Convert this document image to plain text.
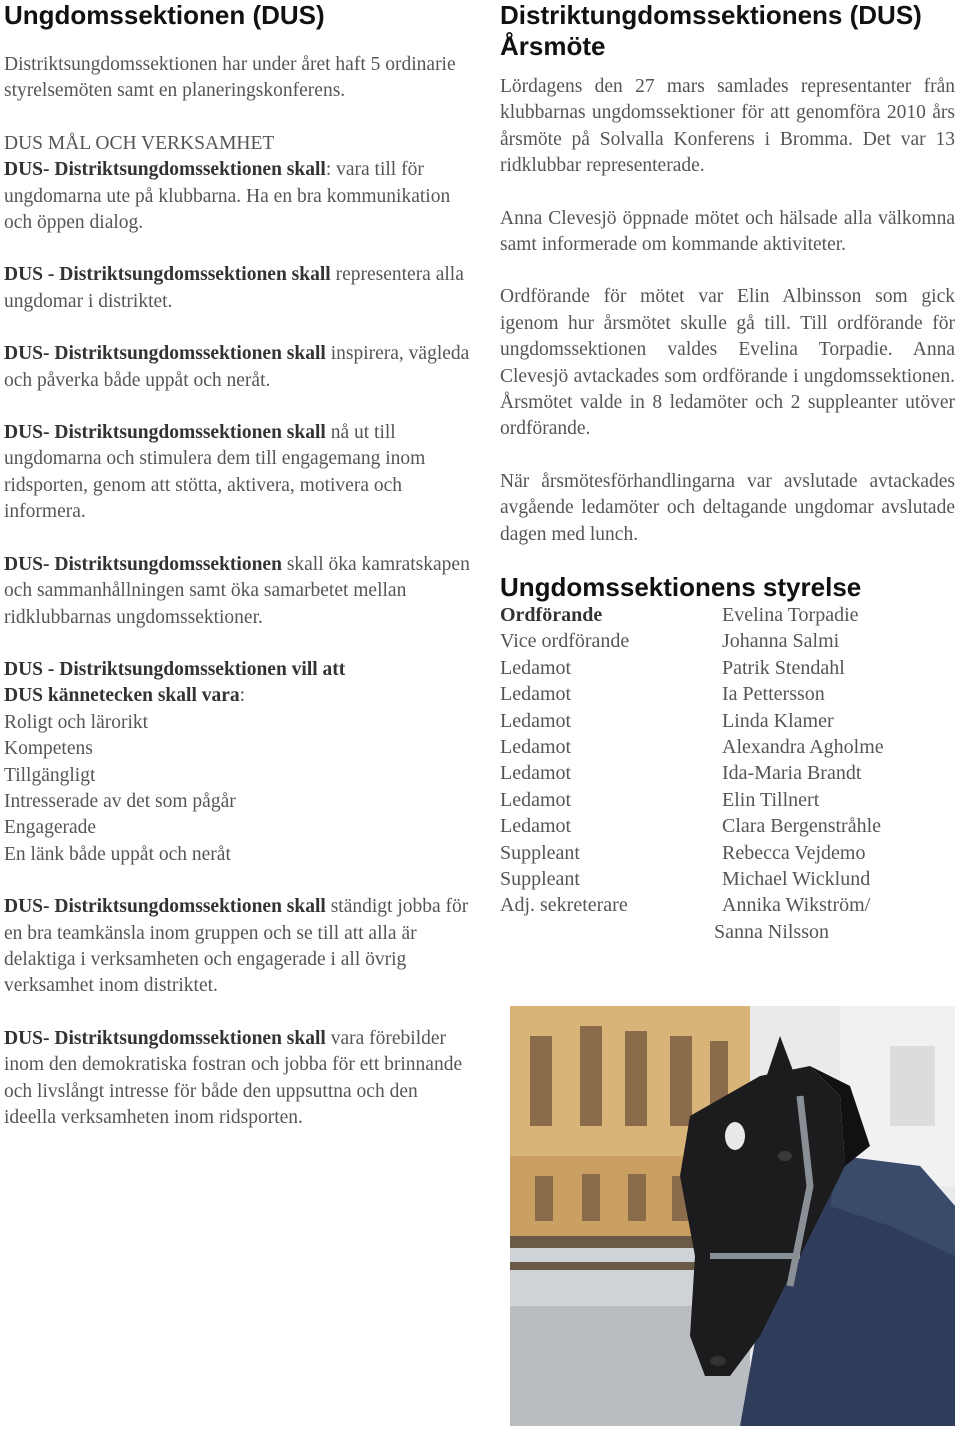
Ungdomssektionen (DUS)

Distriktsungdomssektionen har under året haft 5 ordinarie styrelsemöten samt en planeringskonferens.

DUS MÅL OCH VERKSAMHET
DUS- Distriktsungdomssektionen skall: vara till för ungdomarna ute på klubbarna. Ha en bra kommunikation och öppen dialog.

DUS - Distriktsungdomssektionen skall representera alla ungdomar i distriktet.

DUS- Distriktsungdomssektionen skall inspirera, vägleda och påverka både uppåt och neråt.

DUS- Distriktsungdomssektionen skall nå ut till ungdomarna och stimulera dem till engagemang inom ridsporten, genom att stötta, aktivera, motivera och informera.

DUS- Distriktsungdomssektionen skall öka kamratskapen och sammanhållningen samt öka samarbetet mellan ridklubbarnas ungdomssektioner.

DUS - Distriktsungdomssektionen vill att
DUS kännetecken skall vara:

Roligt och lärorikt
Kompetens
Tillgängligt
Intresserade av det som pågår
Engagerade
En länk både uppåt och neråt

DUS- Distriktsungdomssektionen skall ständigt jobba för en bra teamkänsla inom gruppen och se till att alla är delaktiga i verksamheten och engagerade i all övrig verksamhet inom distriktet.

DUS- Distriktsungdomssektionen skall vara förebilder inom den demokratiska fostran och jobba för ett brinnande och livslångt intresse för både den uppsuttna och den ideella verksamheten inom ridsporten.

Distriktungdomssektionens (DUS) Årsmöte

Lördagens den 27 mars samlades representanter från klubbarnas ungdomssektioner för att genomföra 2010 års årsmöte på Solvalla Konferens i Bromma. Det var 13 ridklubbar representerade.

Anna Clevesjö öppnade mötet och hälsade alla välkomna samt informerade om kommande aktiviteter.

Ordförande för mötet var Elin Albinsson som gick igenom hur årsmötet skulle gå till. Till ordförande för ungdomssektionen valdes Evelina Torpadie. Anna Clevesjö avtackades som ordförande i ungdomssektionen. Årsmötet valde in 8 ledamöter och 2 suppleanter utöver ordförande.

När årsmötesförhandlingarna var avslutade avtackades avgående ledamöter och deltagande ungdomar avslutade dagen med lunch.

Ungdomssektionens styrelse
Ordförande	Evelina Torpadie
Vice ordförande	Johanna Salmi
Ledamot	Patrik Stendahl
Ledamot	Ia Pettersson
Ledamot	Linda Klamer
Ledamot	Alexandra Agholme
Ledamot	Ida-Maria Brandt
Ledamot	Elin Tillnert
Ledamot	Clara Bergenstråhle
Suppleant	Rebecca Vejdemo
Suppleant	Michael Wicklund
Adj. sekreterare	Annika Wikström/
Sanna Nilsson
